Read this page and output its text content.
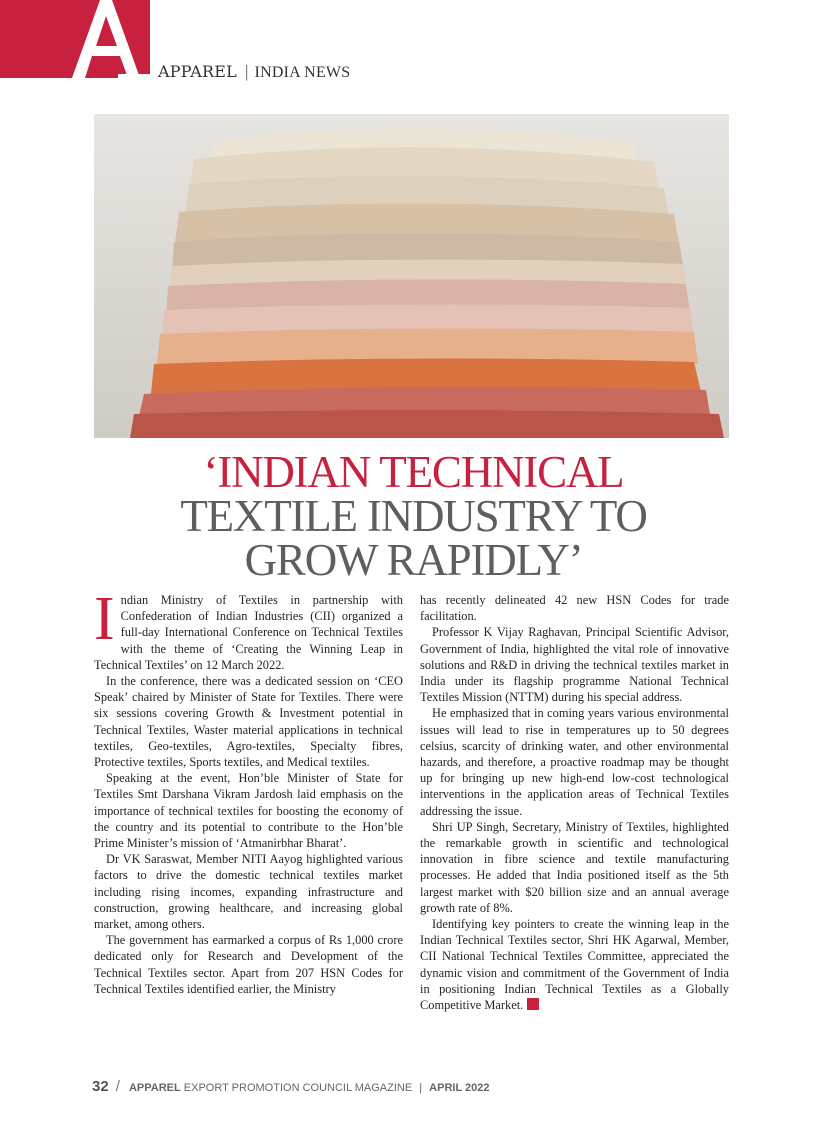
APPAREL | INDIA NEWS
‘INDIAN TECHNICAL
TEXTILE INDUSTRY TO
GROW RAPIDLY’

Indian Ministry of Textiles in partnership with Confederation of Indian Industries (CII) organized a full-day International Conference on Technical Textiles with the theme of ‘Creating the Winning Leap in Technical Textiles’ on 12 March 2022.

In the conference, there was a dedicated session on ‘CEO Speak’ chaired by Minister of State for Textiles. There were six sessions covering Growth & Investment potential in Technical Textiles, Waster material applications in technical textiles, Geo-textiles, Agro-textiles, Specialty fibres, Protective textiles, Sports textiles, and Medical textiles.

Speaking at the event, Hon’ble Minister of State for Textiles Smt Darshana Vikram Jardosh laid emphasis on the importance of technical textiles for boosting the economy of the country and its potential to contribute to the Hon’ble Prime Minister’s mission of ‘Atmanirbhar Bharat’.

Dr VK Saraswat, Member NITI Aayog highlighted various factors to drive the domestic technical textiles market including rising incomes, expanding infrastructure and construction, growing healthcare, and increasing global market, among others.

The government has earmarked a corpus of Rs 1,000 crore dedicated only for Research and Development of the Technical Textiles sector. Apart from 207 HSN Codes for Technical Textiles identified earlier, the Ministry

has recently delineated 42 new HSN Codes for trade facilitation.

Professor K Vijay Raghavan, Principal Scientific Advisor, Government of India, highlighted the vital role of innovative solutions and R&D in driving the technical textiles market in India under its flagship programme National Technical Textiles Mission (NTTM) during his special address.

He emphasized that in coming years various environmental issues will lead to rise in temperatures up to 50 degrees celsius, scarcity of drinking water, and other environmental hazards, and therefore, a proactive roadmap may be thought up for bringing up new high-end low-cost technological interventions in the application areas of Technical Textiles addressing the issue.

Shri UP Singh, Secretary, Ministry of Textiles, highlighted the remarkable growth in scientific and technological innovation in fibre science and textile manufacturing processes. He added that India positioned itself as the 5th largest market with $20 billion size and an annual average growth rate of 8%.

Identifying key pointers to create the winning leap in the Indian Technical Textiles sector, Shri HK Agarwal, Member, CII National Technical Textiles Committee, appreciated the dynamic vision and commitment of the Government of India in positioning Indian Technical Textiles as a Globally Competitive Market.

32 / APPAREL EXPORT PROMOTION COUNCIL MAGAZINE | APRIL 2022
